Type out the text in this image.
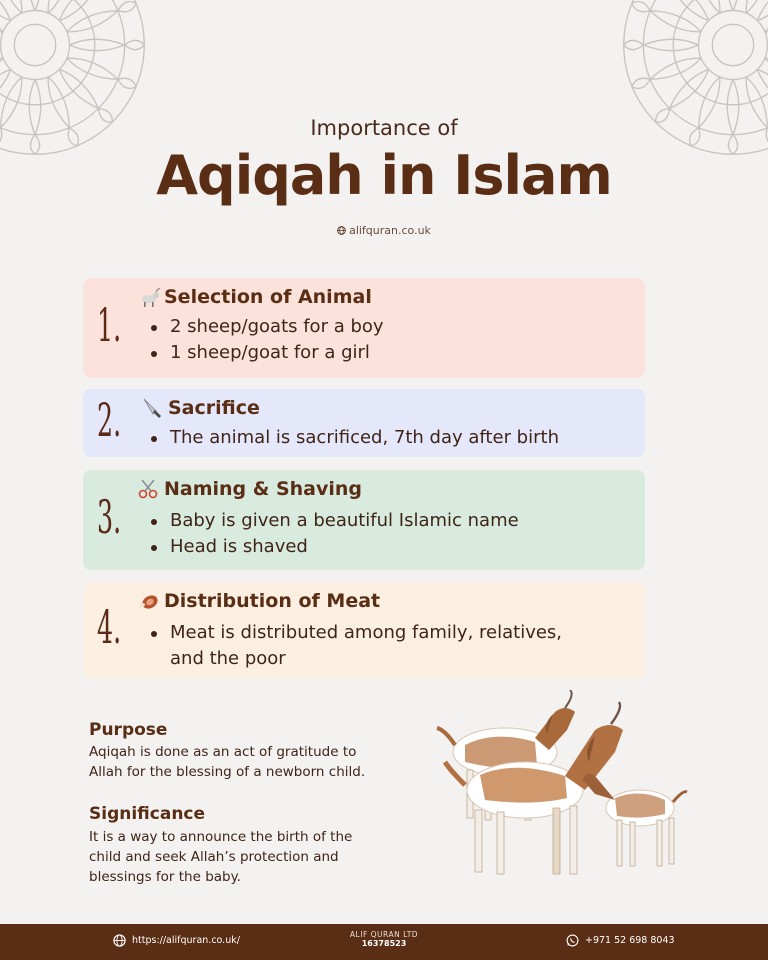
Importance of
Aqiqah in Islam
alifquran.co.uk
1.
Selection of Animal
2 sheep/goats for a boy
1 sheep/goat for a girl
2. Sacrifice
The animal is sacrificed, 7th day after birth
3.
Naming & Shaving
Baby is given a beautiful Islamic name
Head is shaved
4. Distribution of Meat
Meat is distributed among family, relatives,
and the poor
Purpose
Aqiqah is done as an act of gratitude to
Allah for the blessing of a newborn child.
Significance
It is a way to announce the birth of the
child and seek Allah’s protection and
blessings for the baby.
https://alifquran.co.uk/
ALIF QURAN LTD
16378523	+971 52 698 8043
